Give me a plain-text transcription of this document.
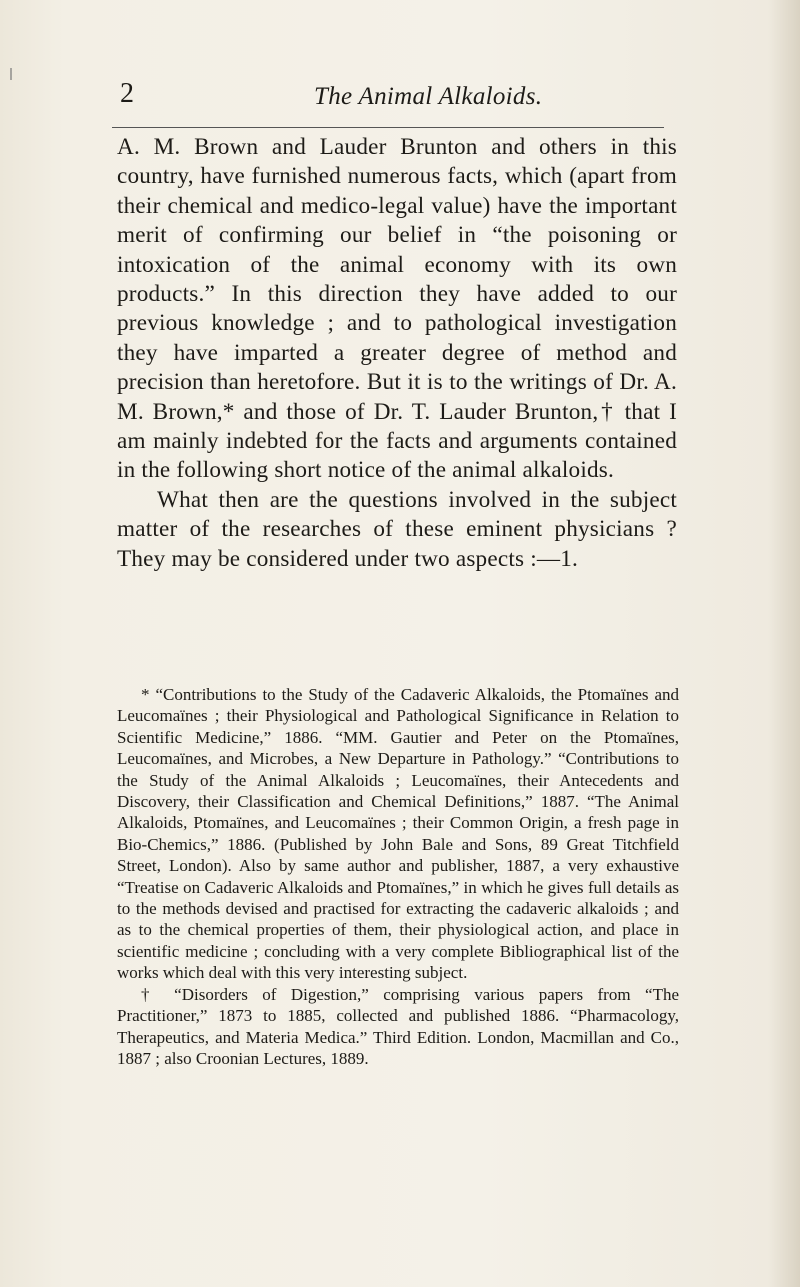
2	The Animal Alkaloids.

A. M. Brown and Lauder Brunton and others in this country, have furnished numerous facts, which (apart from their chemical and medico-legal value) have the important merit of confirming our belief in “the poisoning or intoxication of the animal economy with its own products.” In this direction they have added to our previous knowledge ; and to pathological investigation they have imparted a greater degree of method and precision than heretofore. But it is to the writings of Dr. A. M. Brown,* and those of Dr. T. Lauder Brunton,† that I am mainly indebted for the facts and arguments contained in the following short notice of the animal alkaloids.

What then are the questions involved in the subject matter of the researches of these eminent physicians ? They may be considered under two aspects :—1.

* “Contributions to the Study of the Cadaveric Alkaloids, the Ptomaïnes and Leucomaïnes ; their Physiological and Pathological Significance in Relation to Scientific Medicine,” 1886. “MM. Gautier and Peter on the Ptomaïnes, Leucomaïnes, and Microbes, a New Departure in Pathology.” “Contributions to the Study of the Animal Alkaloids ; Leucomaïnes, their Antecedents and Discovery, their Classification and Chemical Definitions,” 1887. “The Animal Alkaloids, Ptomaïnes, and Leucomaïnes ; their Common Origin, a fresh page in Bio-Chemics,” 1886. (Published by John Bale and Sons, 89 Great Titchfield Street, London). Also by same author and publisher, 1887, a very exhaustive “Treatise on Cadaveric Alkaloids and Ptomaïnes,” in which he gives full details as to the methods devised and practised for extracting the cadaveric alkaloids ; and as to the chemical properties of them, their physiological action, and place in scientific medicine ; concluding with a very complete Bibliographical list of the works which deal with this very interesting subject.

† “Disorders of Digestion,” comprising various papers from “The Practitioner,” 1873 to 1885, collected and published 1886. “Pharmacology, Therapeutics, and Materia Medica.” Third Edition. London, Macmillan and Co., 1887 ; also Croonian Lectures, 1889.
